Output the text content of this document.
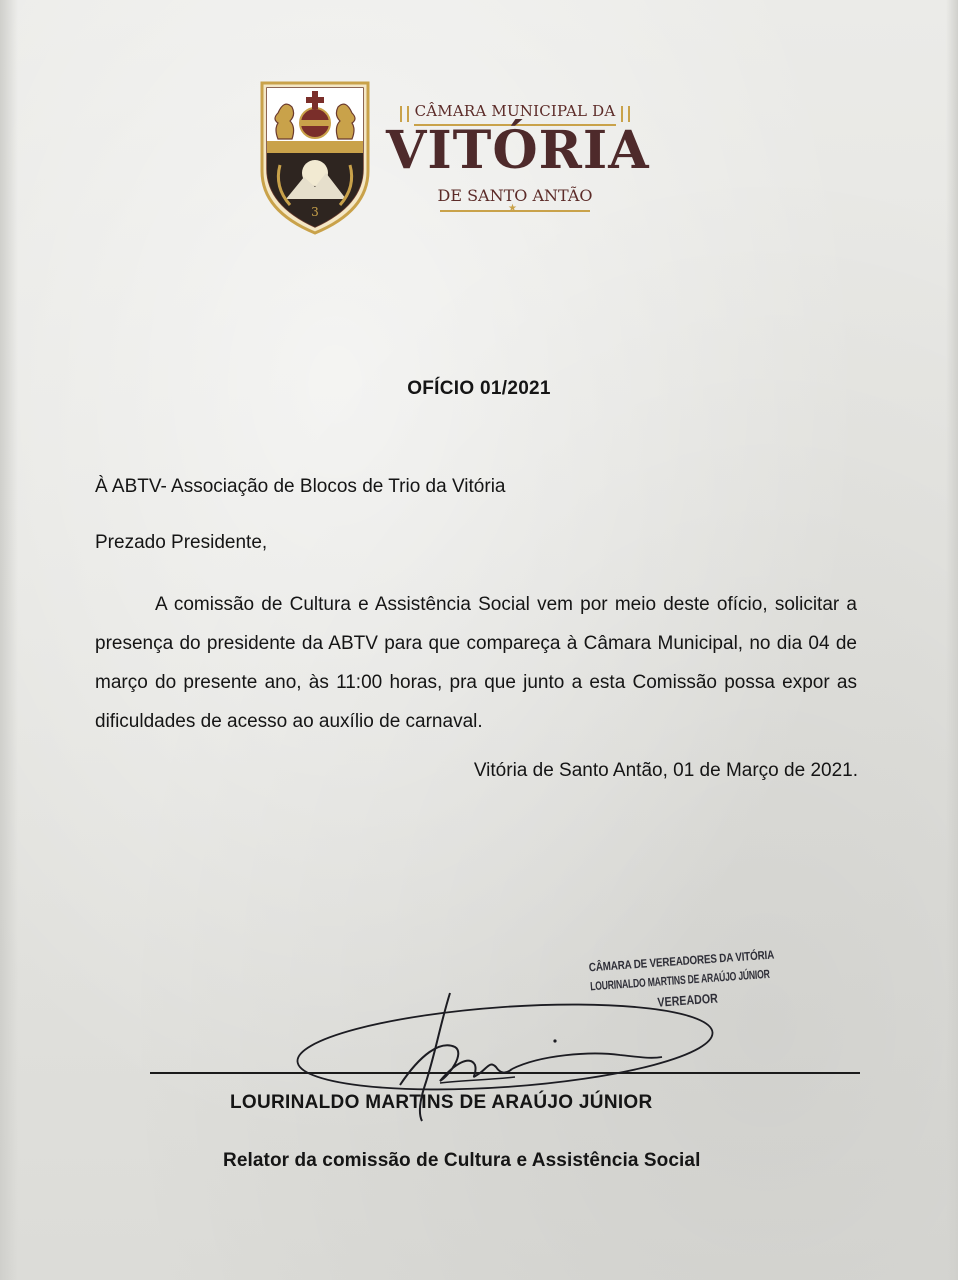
3
CÂMARA MUNICIPAL DA
VITÓRIA
DE SANTO ANTÃO
★
OFÍCIO 01/2021
À ABTV- Associação de Blocos de Trio da Vitória
Prezado Presidente,
A comissão de Cultura e Assistência Social vem por meio deste ofício, solicitar a presença do presidente da ABTV para que compareça à Câmara Municipal, no dia 04 de março do presente ano, às 11:00 horas, pra que junto a esta Comissão possa expor as dificuldades de acesso ao auxílio de carnaval.
Vitória de Santo Antão, 01 de Março de 2021.
CÂMARA DE VEREADORES DA VITÓRIA
LOURINALDO MARTINS DE ARAÚJO JÚNIOR
VEREADOR
LOURINALDO MARTINS DE ARAÚJO JÚNIOR
Relator da comissão de Cultura e Assistência Social
